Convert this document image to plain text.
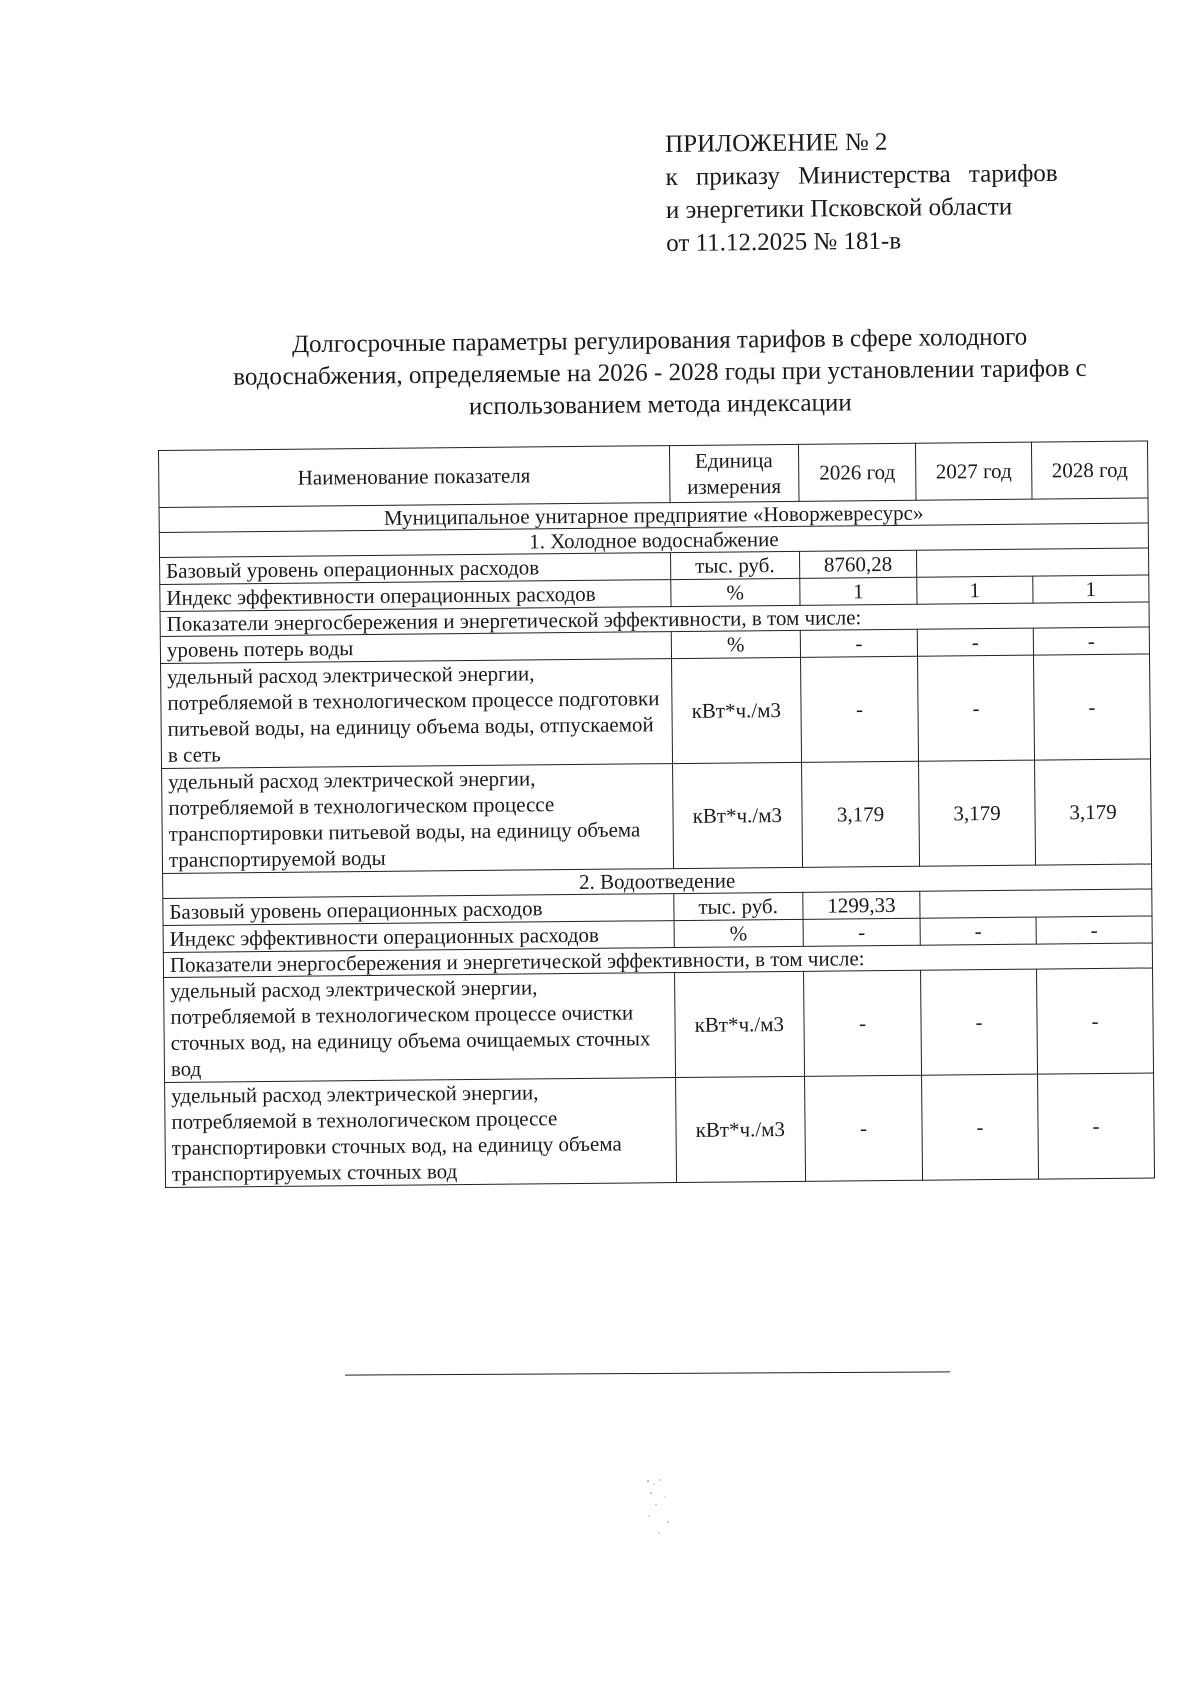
ПРИЛОЖЕНИЕ № 2
к приказу Министерства тарифов
и энергетики Псковской области
от 11.12.2025 № 181-в
Долгосрочные параметры регулирования тарифов в сфере холодного водоснабжения, определяемые на 2026 - 2028 годы при установлении тарифов с использованием метода индексации
Наименование показателя	Единица измерения	2026 год	2027 год	2028 год
Муниципальное унитарное предприятие «Новоржевресурс»				
1. Холодное водоснабжение				
Базовый уровень операционных расходов	тыс. руб.	8760,28		
Индекс эффективности операционных расходов	%	1	1	1
Показатели энергосбережения и энергетической эффективности, в том числе:				
уровень потерь воды	%	-	-	-
удельный расход электрической энергии, потребляемой в технологическом процессе подготовки питьевой воды, на единицу объема воды, отпускаемой в сеть	кВт*ч./м3	-	-	-
удельный расход электрической энергии, потребляемой в технологическом процессе транспортировки питьевой воды, на единицу объема транспортируемой воды	кВт*ч./м3	3,179	3,179	3,179
2. Водоотведение				
Базовый уровень операционных расходов	тыс. руб.	1299,33		
Индекс эффективности операционных расходов	%	-	-	-
Показатели энергосбережения и энергетической эффективности, в том числе:				
удельный расход электрической энергии, потребляемой в технологическом процессе очистки сточных вод, на единицу объема очищаемых сточных вод	кВт*ч./м3	-	-	-
удельный расход электрической энергии, потребляемой в технологическом процессе транспортировки сточных вод, на единицу объема транспортируемых сточных вод	кВт*ч./м3	-	-	-
